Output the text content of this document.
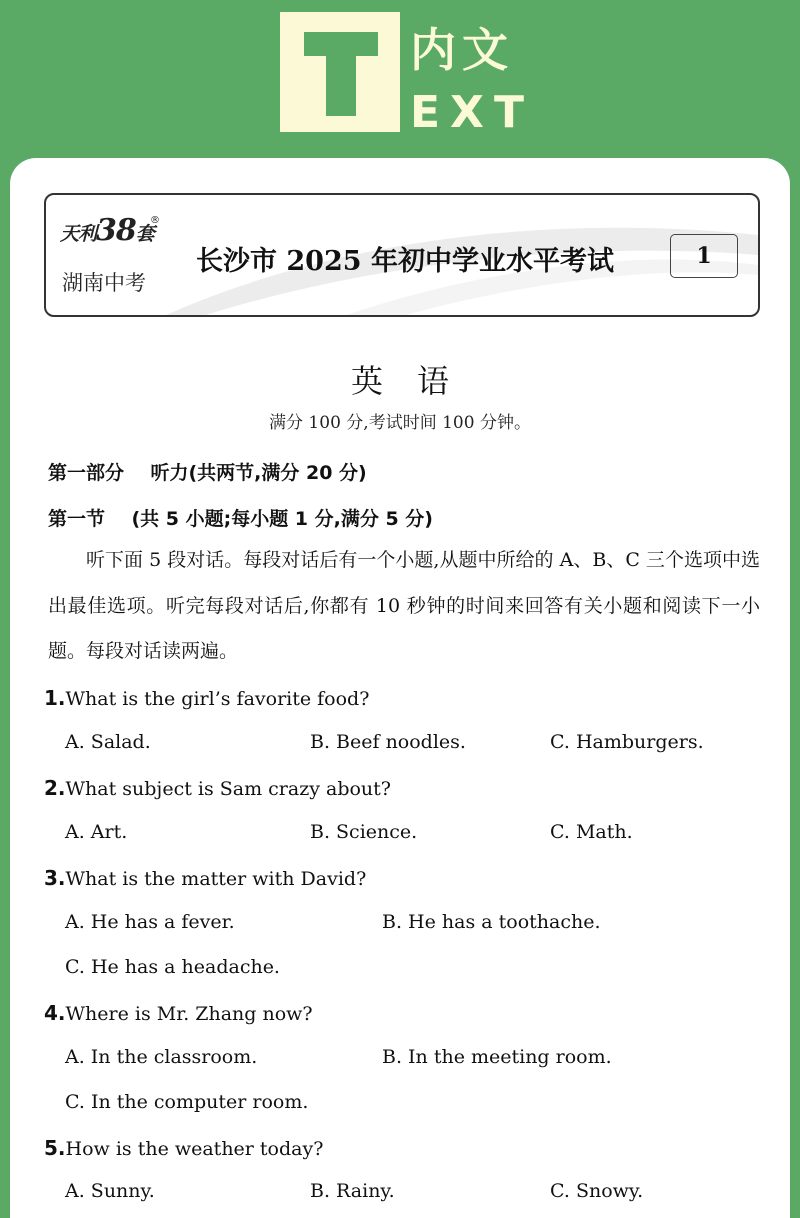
内文
EXT
天利38套
®
湖南中考
长沙市 2025 年初中学业水平考试	1
英语
满分 100 分,考试时间 100 分钟。
第一部分    听力(共两节,满分 20 分)
第一节    (共 5 小题;每小题 1 分,满分 5 分)

听下面 5 段对话。每段对话后有一个小题,从题中所给的 A、B、C 三个选项中选出最佳选项。听完每段对话后,你都有 10 秒钟的时间来回答有关小题和阅读下一小题。每段对话读两遍。

1.What is the girl’s favorite food?
A. Salad.	B. Beef noodles.	C. Hamburgers.
2.What subject is Sam crazy about?
A. Art.	B. Science.	C. Math.
3.What is the matter with David?
A. He has a fever.	B. He has a toothache.
C. He has a headache.
4.Where is Mr. Zhang now?
A. In the classroom.	B. In the meeting room.
C. In the computer room.
5.How is the weather today?
A. Sunny.	B. Rainy.	C. Snowy.
